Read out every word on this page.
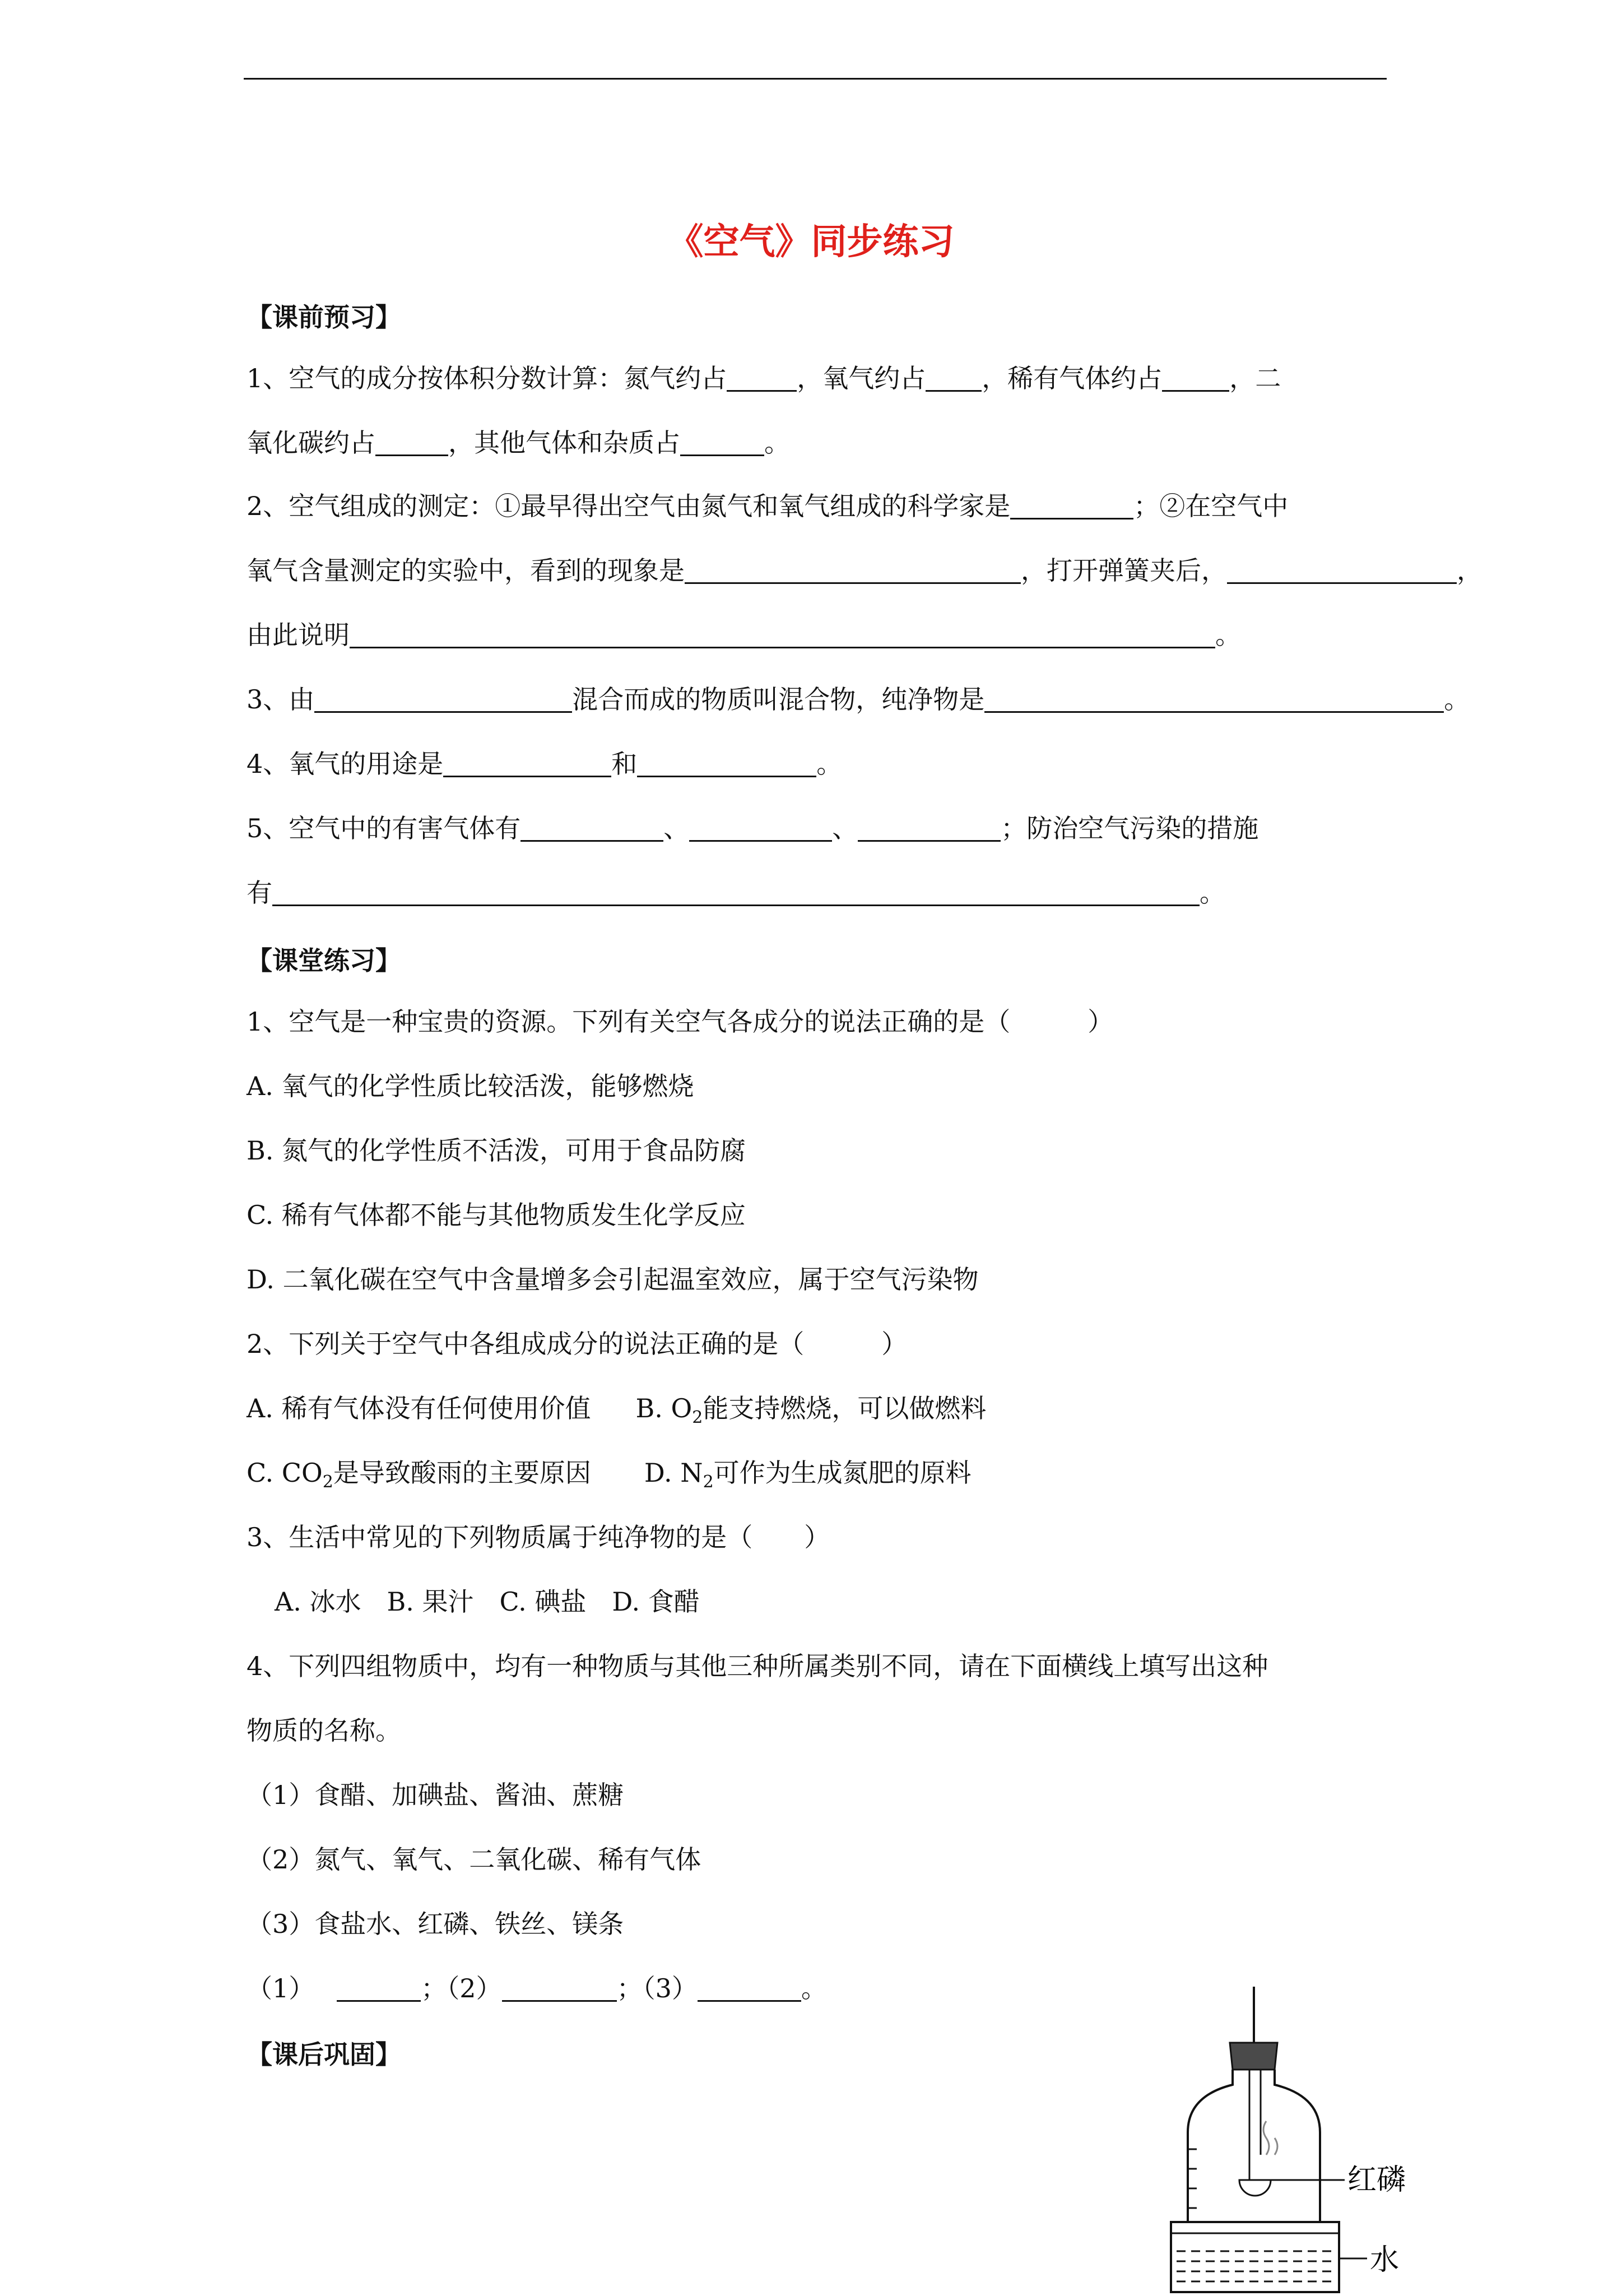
《空气》同步练习
【课前预习】
1、空气的成分按体积分数计算：氮气约占	，氧气约占 ，稀有气体约占	，二
氧化碳约占	，其他气体和杂质占	。
2、空气组成的测定：①最早得出空气由氮气和氧气组成的科学家是	；②在空气中
氧气含量测定的实验中，看到的现象是	，打开弹簧夹后，	，
由此说明	。
3、由	混合而成的物质叫混合物，纯净物是	。
4、氧气的用途是	和	。
5、空气中的有害气体有	、	、	；防治空气污染的措施
有	。
【课堂练习】
1、空气是一种宝贵的资源。下列有关空气各成分的说法正确的是（　　　）
A. 氧气的化学性质比较活泼，能够燃烧
B. 氮气的化学性质不活泼，可用于食品防腐
C. 稀有气体都不能与其他物质发生化学反应
D. 二氧化碳在空气中含量增多会引起温室效应，属于空气污染物
2、下列关于空气中各组成成分的说法正确的是（　　　）
A. 稀有气体没有任何使用价值 B. $O_2$能支持燃烧，可以做燃料
C. $CO_2$是导致酸雨的主要原因 D. $N_2$可作为生成氮肥的原料
3、生活中常见的下列物质属于纯净物的是（　　）
A. 冰水　B. 果汁　C. 碘盐　D. 食醋
4、下列四组物质中，均有一种物质与其他三种所属类别不同，请在下面横线上填写出这种
物质的名称。
（1）食醋、加碘盐、酱油、蔗糖
（2）氮气、氧气、二氧化碳、稀有气体
（3）食盐水、红磷、铁丝、镁条
（1）	；（2）	；（3）	。
【课后巩固】
红磷
水
